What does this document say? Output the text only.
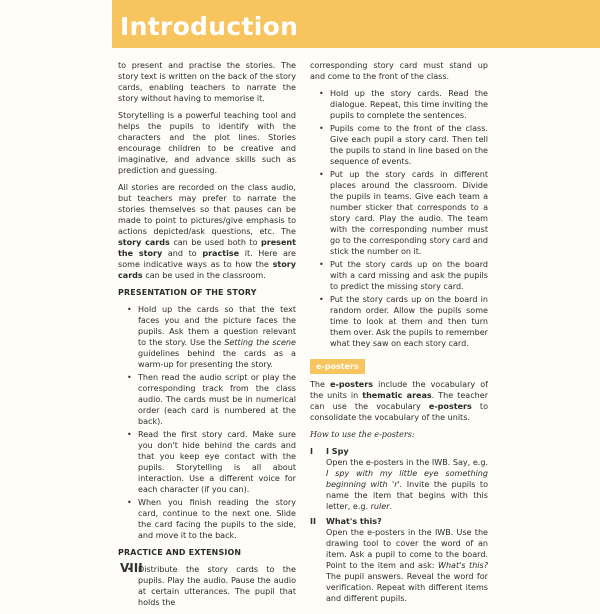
Introduction

to present and practise the stories. The story text is written on the back of the story cards, enabling teachers to narrate the story without having to memorise it.

Storytelling is a powerful teaching tool and helps the pupils to identify with the characters and the plot lines. Stories encourage children to be creative and imaginative, and advance skills such as prediction and guessing.

All stories are recorded on the class audio, but teachers may prefer to narrate the stories themselves so that pauses can be made to point to pictures/give emphasis to actions depicted/ask questions, etc. The story cards can be used both to present the story and to practise it. Here are some indicative ways as to how the story cards can be used in the classroom.

PRESENTATION OF THE STORY
• Hold up the cards so that the text faces you and the picture faces the pupils. Ask them a question relevant to the story. Use the Setting the scene guidelines behind the cards as a warm-up for presenting the story.
• Then read the audio script or play the corresponding track from the class audio. The cards must be in numerical order (each card is numbered at the back).
• Read the first story card. Make sure you don't hide behind the cards and that you keep eye contact with the pupils. Storytelling is all about interaction. Use a different voice for each character (if you can).
• When you finish reading the story card, continue to the next one. Slide the card facing the pupils to the side, and move it to the back.
PRACTICE AND EXTENSION
• Distribute the story cards to the pupils. Play the audio. Pause the audio at certain utterances. The pupil that holds the

corresponding story card must stand up and come to the front of the class.

• Hold up the story cards. Read the dialogue. Repeat, this time inviting the pupils to complete the sentences.
• Pupils come to the front of the class. Give each pupil a story card. Then tell the pupils to stand in line based on the sequence of events.
• Put up the story cards in different places around the classroom. Divide the pupils in teams. Give each team a number sticker that corresponds to a story card. Play the audio. The team with the corresponding number must go to the corresponding story card and stick the number on it.
• Put the story cards up on the board with a card missing and ask the pupils to predict the missing story card.
• Put the story cards up on the board in random order. Allow the pupils some time to look at them and then turn them over. Ask the pupils to remember what they saw on each story card.
e-posters

The e-posters include the vocabulary of the units in thematic areas. The teacher can use the vocabulary e-posters to consolidate the vocabulary of the units.

How to use the e-posters:

I	I Spy
Open the e-posters in the IWB. Say, e.g. I spy with my little eye something beginning with 'r'. Invite the pupils to name the item that begins with this letter, e.g. ruler.
II	What's this?
Open the e-posters in the IWB. Use the drawing tool to cover the word of an item. Ask a pupil to come to the board. Point to the item and ask: What's this? The pupil answers. Reveal the word for verification. Repeat with different items and different pupils.
VIII
